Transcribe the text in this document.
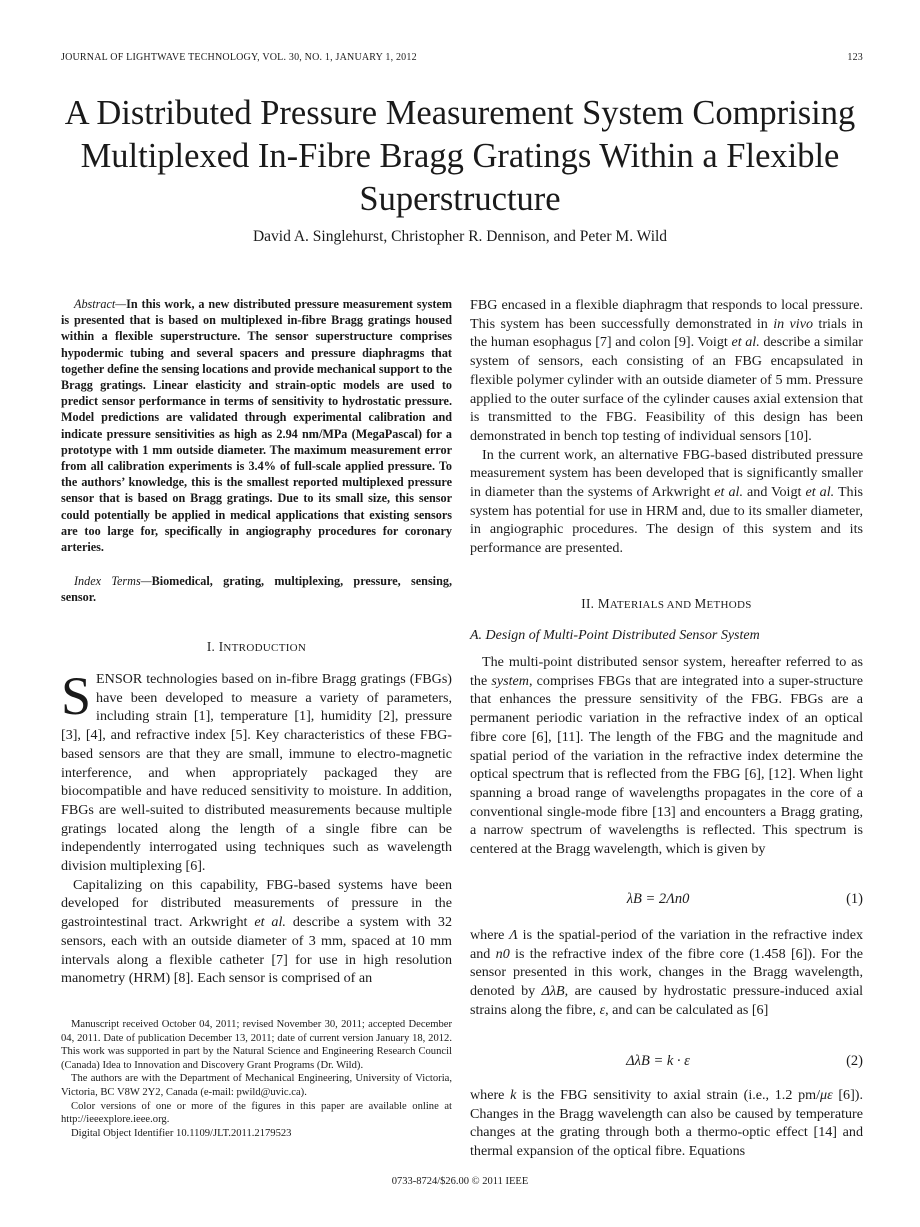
JOURNAL OF LIGHTWAVE TECHNOLOGY, VOL. 30, NO. 1, JANUARY 1, 2012	123
A Distributed Pressure Measurement System Comprising Multiplexed In-Fibre Bragg Gratings Within a Flexible Superstructure
David A. Singlehurst, Christopher R. Dennison, and Peter M. Wild
Abstract—In this work, a new distributed pressure measurement system is presented that is based on multiplexed in-fibre Bragg gratings housed within a flexible superstructure. The sensor superstructure comprises hypodermic tubing and several spacers and pressure diaphragms that together define the sensing locations and provide mechanical support to the Bragg gratings. Linear elasticity and strain-optic models are used to predict sensor performance in terms of sensitivity to hydrostatic pressure. Model predictions are validated through experimental calibration and indicate pressure sensitivities as high as 2.94 nm/MPa (MegaPascal) for a prototype with 1 mm outside diameter. The maximum measurement error from all calibration experiments is 3.4% of full-scale applied pressure. To the authors’ knowledge, this is the smallest reported multiplexed pressure sensor that is based on Bragg gratings. Due to its small size, this sensor could potentially be applied in medical applications that existing sensors are too large for, specifically in angiography procedures for coronary arteries.
Index Terms—Biomedical, grating, multiplexing, pressure, sensing, sensor.
I. INTRODUCTION

SENSOR technologies based on in-fibre Bragg gratings (FBGs) have been developed to measure a variety of parameters, including strain [1], temperature [1], humidity [2], pressure [3], [4], and refractive index [5]. Key characteristics of these FBG-based sensors are that they are small, immune to electro-magnetic interference, and when appropriately packaged they are biocompatible and have reduced sensitivity to moisture. In addition, FBGs are well-suited to distributed measurements because multiple gratings located along the length of a single fibre can be independently interrogated using techniques such as wavelength division multiplexing [6].

Capitalizing on this capability, FBG-based systems have been developed for distributed measurements of pressure in the gastrointestinal tract. Arkwright et al. describe a system with 32 sensors, each with an outside diameter of 3 mm, spaced at 10 mm intervals along a flexible catheter [7] for use in high resolution manometry (HRM) [8]. Each sensor is comprised of an

Manuscript received October 04, 2011; revised November 30, 2011; accepted December 04, 2011. Date of publication December 13, 2011; date of current version January 18, 2012. This work was supported in part by the Natural Science and Engineering Research Council (Canada) Idea to Innovation and Discovery Grant Programs (Dr. Wild).

The authors are with the Department of Mechanical Engineering, University of Victoria, Victoria, BC V8W 2Y2, Canada (e-mail: pwild@uvic.ca).

Color versions of one or more of the figures in this paper are available online at http://ieeexplore.ieee.org.

Digital Object Identifier 10.1109/JLT.2011.2179523

FBG encased in a flexible diaphragm that responds to local pressure. This system has been successfully demonstrated in in vivo trials in the human esophagus [7] and colon [9]. Voigt et al. describe a similar system of sensors, each consisting of an FBG encapsulated in flexible polymer cylinder with an outside diameter of 5 mm. Pressure applied to the outer surface of the cylinder causes axial extension that is transmitted to the FBG. Feasibility of this design has been demonstrated in bench top testing of individual sensors [10].

In the current work, an alternative FBG-based distributed pressure measurement system has been developed that is significantly smaller in diameter than the systems of Arkwright et al. and Voigt et al. This system has potential for use in HRM and, due to its smaller diameter, in angiographic procedures. The design of this system and its performance are presented.

II. MATERIALS AND METHODS
A. Design of Multi-Point Distributed Sensor System

The multi-point distributed sensor system, hereafter referred to as the system, comprises FBGs that are integrated into a super-structure that enhances the pressure sensitivity of the FBG. FBGs are a permanent periodic variation in the refractive index of an optical fibre core [6], [11]. The length of the FBG and the magnitude and spatial period of the variation in the refractive index determine the optical spectrum that is reflected from the FBG [6], [12]. When light spanning a broad range of wavelengths propagates in the core of a conventional single-mode fibre [13] and encounters a Bragg grating, a narrow spectrum of wavelengths is reflected. This spectrum is centered at the Bragg wavelength, which is given by

λB = 2Λn0	(1)

where Λ is the spatial-period of the variation in the refractive index and n0 is the refractive index of the fibre core (1.458 [6]). For the sensor presented in this work, changes in the Bragg wavelength, denoted by ΔλB, are caused by hydrostatic pressure-induced axial strains along the fibre, ε, and can be calculated as [6]

ΔλB = k · ε	(2)

where k is the FBG sensitivity to axial strain (i.e., 1.2 pm/με [6]). Changes in the Bragg wavelength can also be caused by temperature changes at the grating through both a thermo-optic effect [14] and thermal expansion of the optical fibre. Equations

0733-8724/$26.00 © 2011 IEEE
